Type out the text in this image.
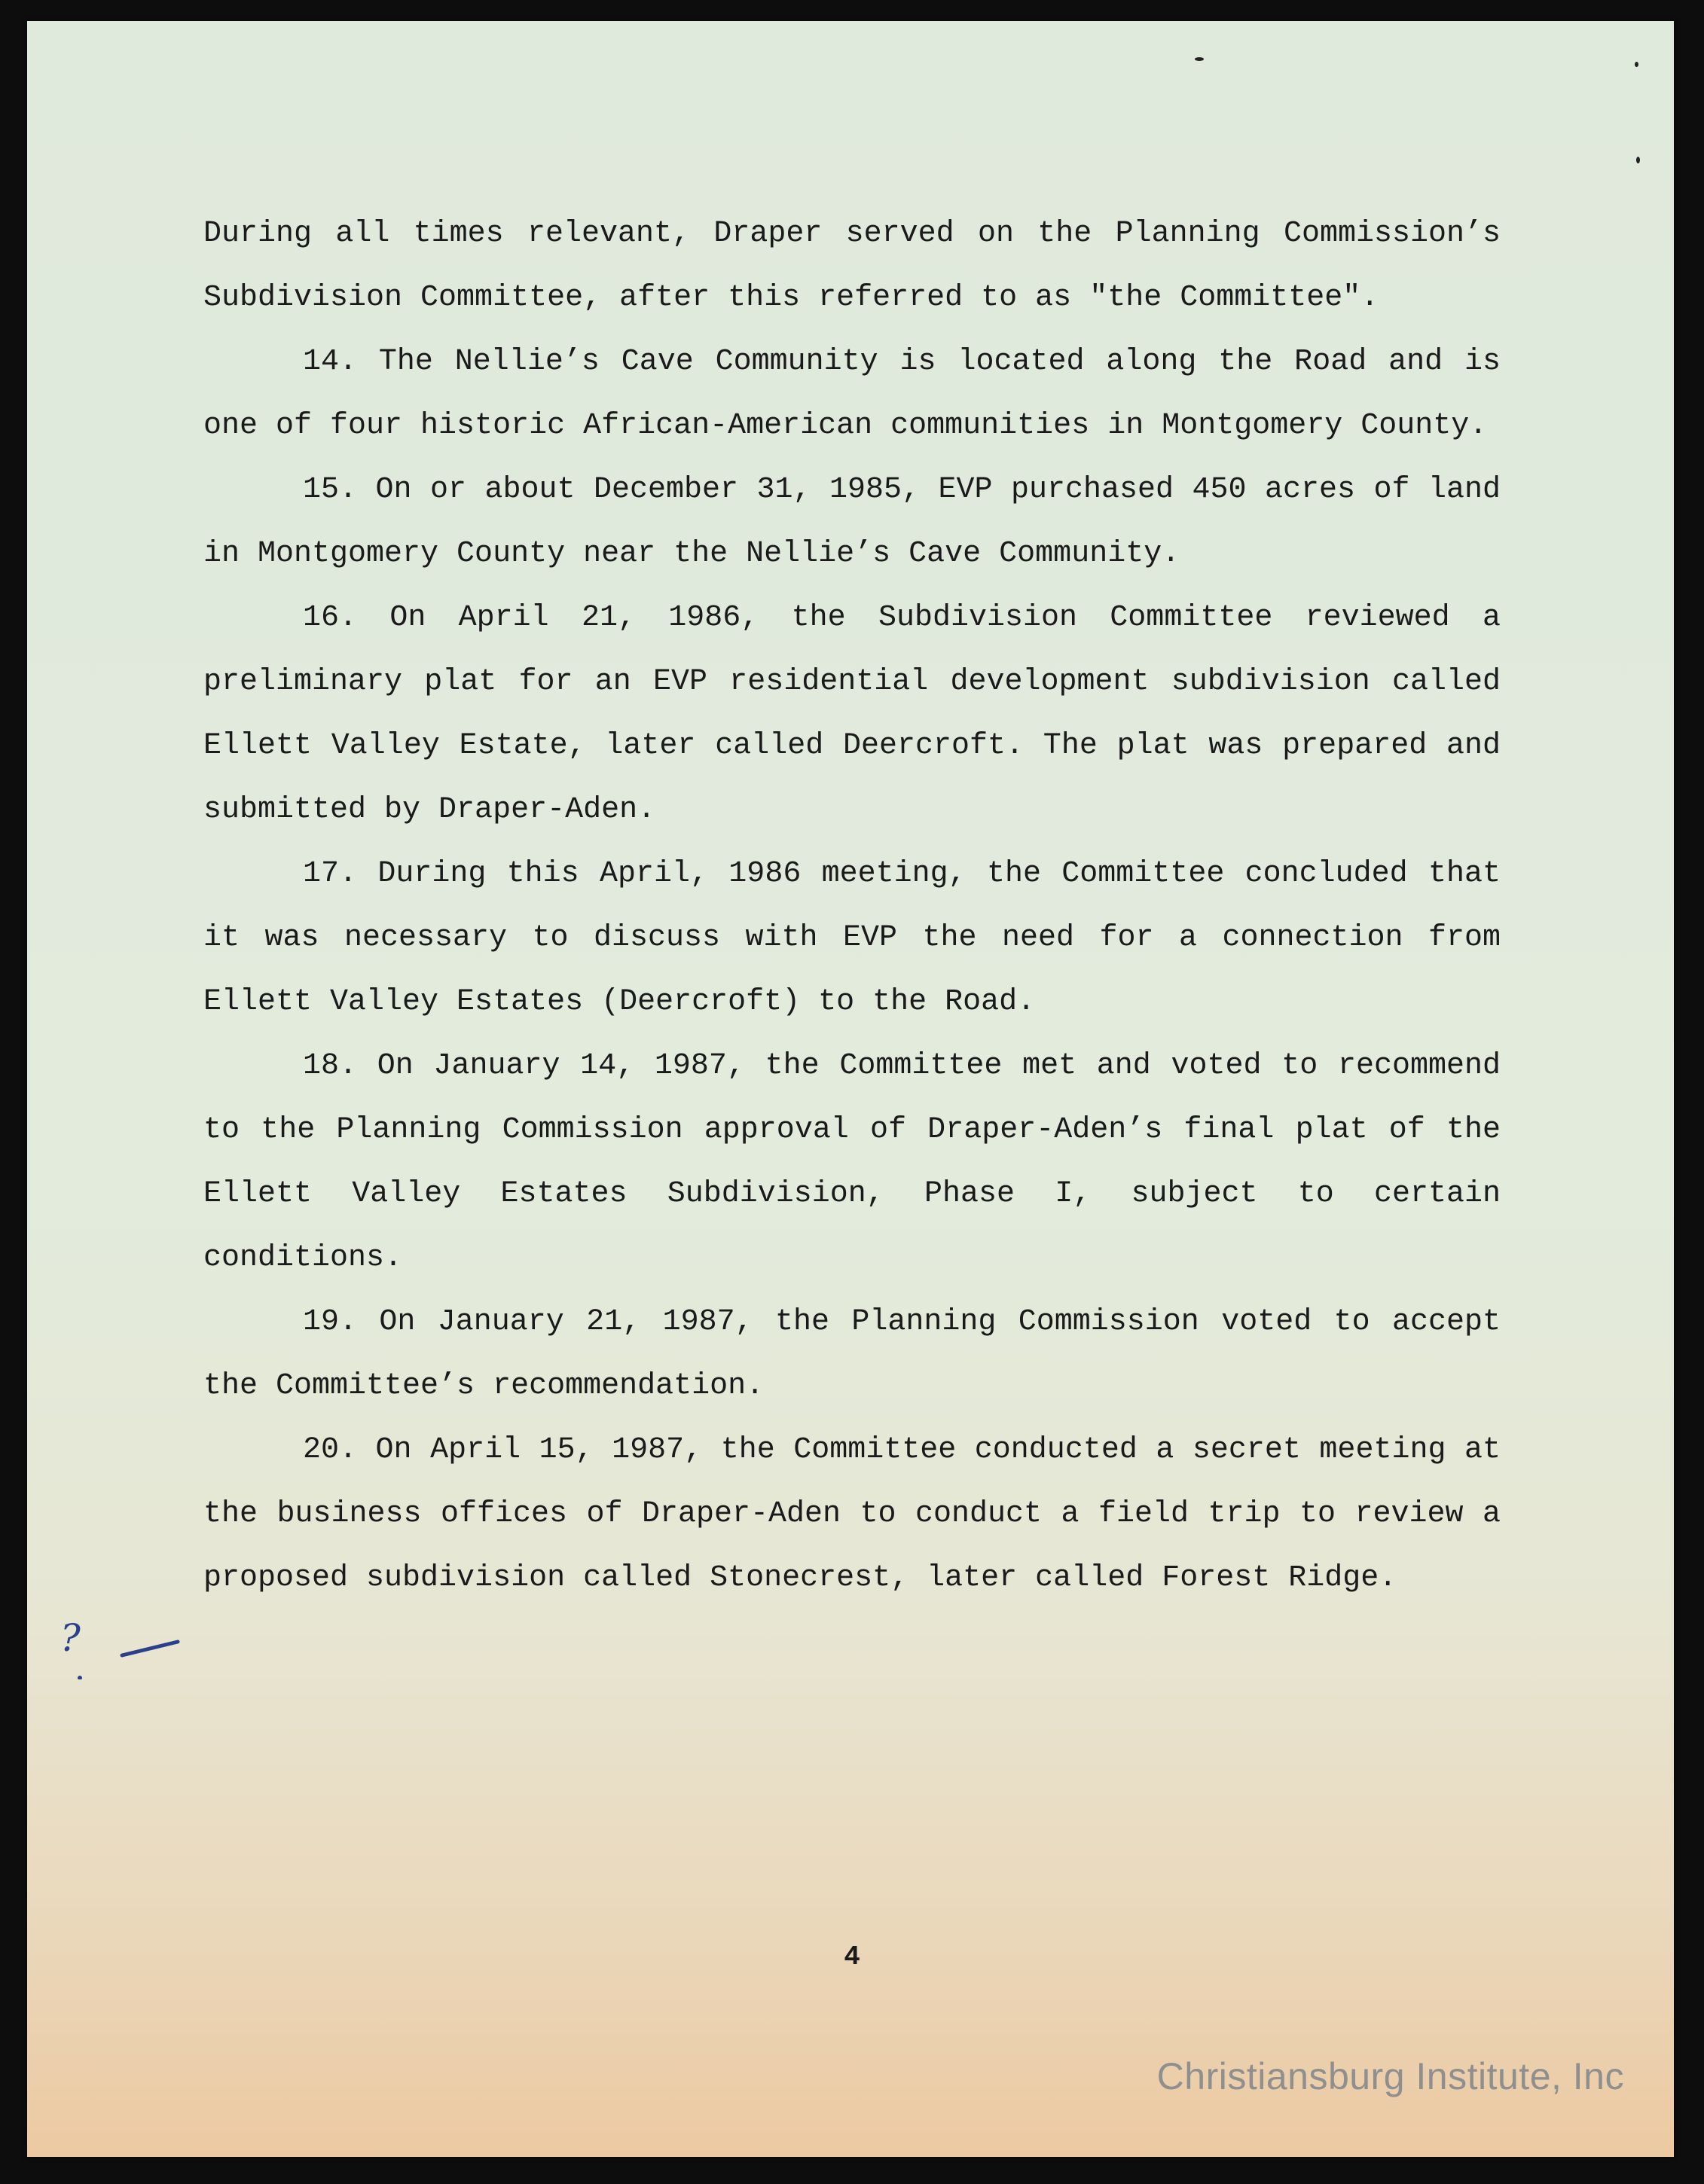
During all times relevant, Draper served on the Planning Commission’s Subdivision Committee, after this referred to as "the Committee".

14. The Nellie’s Cave Community is located along the Road and is one of four historic African-American communities in Montgomery County.

15. On or about December 31, 1985, EVP purchased 450 acres of land in Montgomery County near the Nellie’s Cave Community.

16. On April 21, 1986, the Subdivision Committee reviewed a preliminary plat for an EVP residential development subdivision called Ellett Valley Estate, later called Deercroft. The plat was prepared and submitted by Draper-Aden.

17. During this April, 1986 meeting, the Committee concluded that it was necessary to discuss with EVP the need for a connection from Ellett Valley Estates (Deercroft) to the Road.

18. On January 14, 1987, the Committee met and voted to recommend to the Planning Commission approval of Draper-Aden’s final plat of the Ellett Valley Estates Subdivision, Phase I, subject to certain conditions.

19. On January 21, 1987, the Planning Commission voted to accept the Committee’s recommendation.

20. On April 15, 1987, the Committee conducted a secret meeting at the business offices of Draper-Aden to conduct a field trip to review a proposed subdivision called Stonecrest, later called Forest Ridge.

?
4
Christiansburg Institute, Inc
